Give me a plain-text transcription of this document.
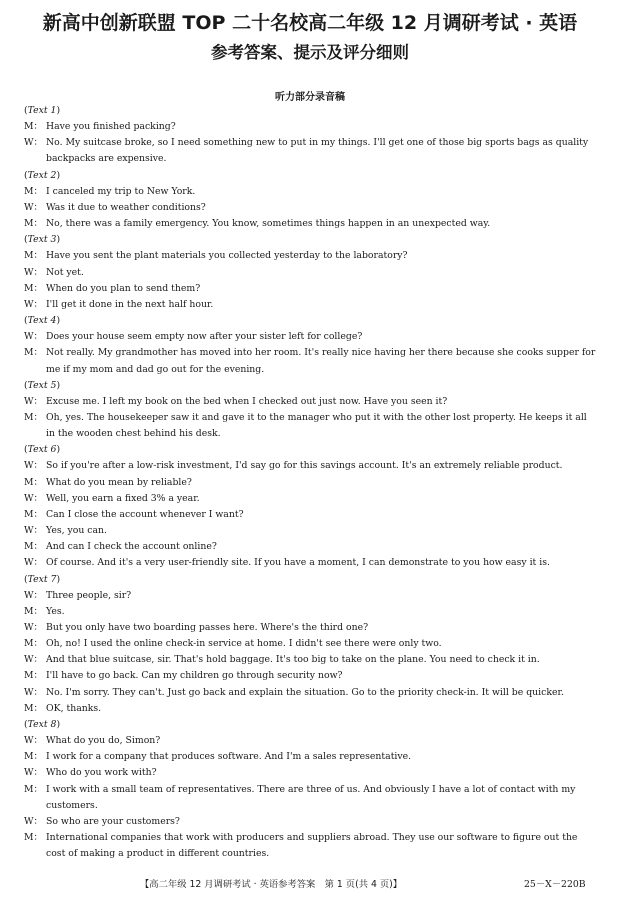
新高中创新联盟 TOP 二十名校高二年级 12 月调研考试 · 英语
参考答案、提示及评分细则
听力部分录音稿
(Text 1)
M： Have you finished packing?
W： No. My suitcase broke, so I need something new to put in my things. I'll get one of those big sports bags as quality backpacks are expensive.
(Text 2)
M： I canceled my trip to New York.
W： Was it due to weather conditions?
M： No, there was a family emergency. You know, sometimes things happen in an unexpected way.
(Text 3)
M： Have you sent the plant materials you collected yesterday to the laboratory?
W： Not yet.
M： When do you plan to send them?
W： I'll get it done in the next half hour.
(Text 4)
W： Does your house seem empty now after your sister left for college?
M： Not really. My grandmother has moved into her room. It's really nice having her there because she cooks supper for me if my mom and dad go out for the evening.
(Text 5)
W： Excuse me. I left my book on the bed when I checked out just now. Have you seen it?
M： Oh, yes. The housekeeper saw it and gave it to the manager who put it with the other lost property. He keeps it all in the wooden chest behind his desk.
(Text 6)
W： So if you're after a low-risk investment, I'd say go for this savings account. It's an extremely reliable product.
M： What do you mean by reliable?
W： Well, you earn a fixed 3% a year.
M： Can I close the account whenever I want?
W： Yes, you can.
M： And can I check the account online?
W： Of course. And it's a very user-friendly site. If you have a moment, I can demonstrate to you how easy it is.
(Text 7)
W： Three people, sir?
M： Yes.
W： But you only have two boarding passes here. Where's the third one?
M： Oh, no! I used the online check-in service at home. I didn't see there were only two.
W： And that blue suitcase, sir. That's hold baggage. It's too big to take on the plane. You need to check it in.
M： I'll have to go back. Can my children go through security now?
W： No. I'm sorry. They can't. Just go back and explain the situation. Go to the priority check-in. It will be quicker.
M： OK, thanks.
(Text 8)
W： What do you do, Simon?
M： I work for a company that produces software. And I'm a sales representative.
W： Who do you work with?
M： I work with a small team of representatives. There are three of us. And obviously I have a lot of contact with my customers.
W： So who are your customers?
M： International companies that work with producers and suppliers abroad. They use our software to figure out the cost of making a product in different countries.
【高二年级 12 月调研考试 · 英语参考答案　第 1 页(共 4 页)】	25－X－220B
